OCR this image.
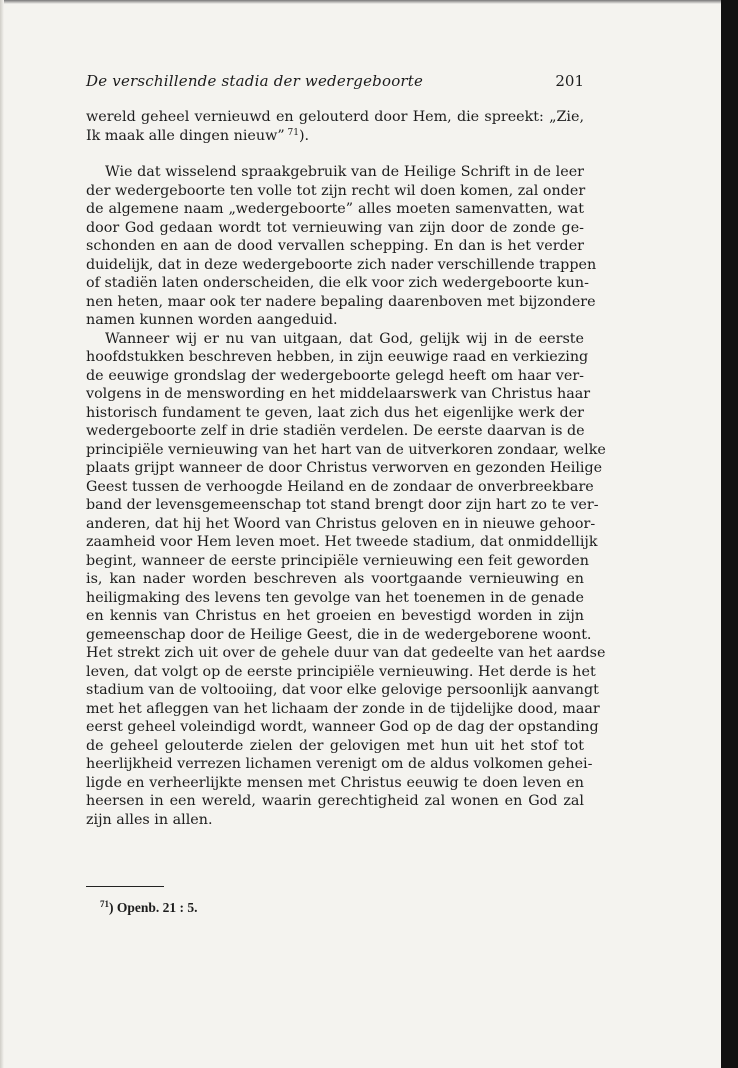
De verschillende stadia der wedergeboorte	201
wereld geheel vernieuwd en gelouterd door Hem, die spreekt: „Zie,
Ik maak alle dingen nieuw” $^{71}$).
Wie dat wisselend spraakgebruik van de Heilige Schrift in de leer
der wedergeboorte ten volle tot zijn recht wil doen komen, zal onder
de algemene naam „wedergeboorte” alles moeten samenvatten, wat
door God gedaan wordt tot vernieuwing van zijn door de zonde ge-
schonden en aan de dood vervallen schepping. En dan is het verder
duidelijk, dat in deze wedergeboorte zich nader verschillende trappen
of stadiën laten onderscheiden, die elk voor zich wedergeboorte kun-
nen heten, maar ook ter nadere bepaling daarenboven met bijzondere
namen kunnen worden aangeduid.
Wanneer wij er nu van uitgaan, dat God, gelijk wij in de eerste
hoofdstukken beschreven hebben, in zijn eeuwige raad en verkiezing
de eeuwige grondslag der wedergeboorte gelegd heeft om haar ver-
volgens in de menswording en het middelaarswerk van Christus haar
historisch fundament te geven, laat zich dus het eigenlijke werk der
wedergeboorte zelf in drie stadiën verdelen. De eerste daarvan is de
principiële vernieuwing van het hart van de uitverkoren zondaar, welke
plaats grijpt wanneer de door Christus verworven en gezonden Heilige
Geest tussen de verhoogde Heiland en de zondaar de onverbreekbare
band der levensgemeenschap tot stand brengt door zijn hart zo te ver-
anderen, dat hij het Woord van Christus geloven en in nieuwe gehoor-
zaamheid voor Hem leven moet. Het tweede stadium, dat onmiddellijk
begint, wanneer de eerste principiële vernieuwing een feit geworden
is, kan nader worden beschreven als voortgaande vernieuwing en
heiligmaking des levens ten gevolge van het toenemen in de genade
en kennis van Christus en het groeien en bevestigd worden in zijn
gemeenschap door de Heilige Geest, die in de wedergeborene woont.
Het strekt zich uit over de gehele duur van dat gedeelte van het aardse
leven, dat volgt op de eerste principiële vernieuwing. Het derde is het
stadium van de voltooiing, dat voor elke gelovige persoonlijk aanvangt
met het afleggen van het lichaam der zonde in de tijdelijke dood, maar
eerst geheel voleindigd wordt, wanneer God op de dag der opstanding
de geheel gelouterde zielen der gelovigen met hun uit het stof tot
heerlijkheid verrezen lichamen verenigt om de aldus volkomen gehei-
ligde en verheerlijkte mensen met Christus eeuwig te doen leven en
heersen in een wereld, waarin gerechtigheid zal wonen en God zal
zijn alles in allen.
$^{71}$) Openb. 21 : 5.
